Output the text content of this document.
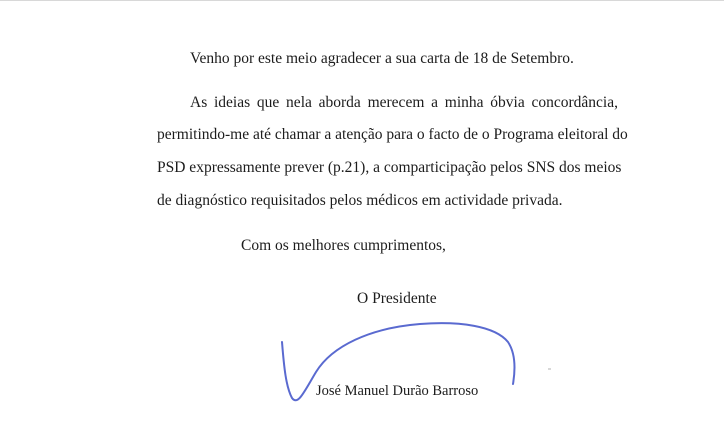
Venho por este meio agradecer a sua carta de 18 de Setembro.
As ideias que nela aborda merecem a minha óbvia concordância,
permitindo-me até chamar a atenção para o facto de o Programa eleitoral do
PSD expressamente prever (p.21), a comparticipação pelos SNS dos meios
de diagnóstico requisitados pelos médicos em actividade privada.
Com os melhores cumprimentos,
O Presidente
José Manuel Durão Barroso
